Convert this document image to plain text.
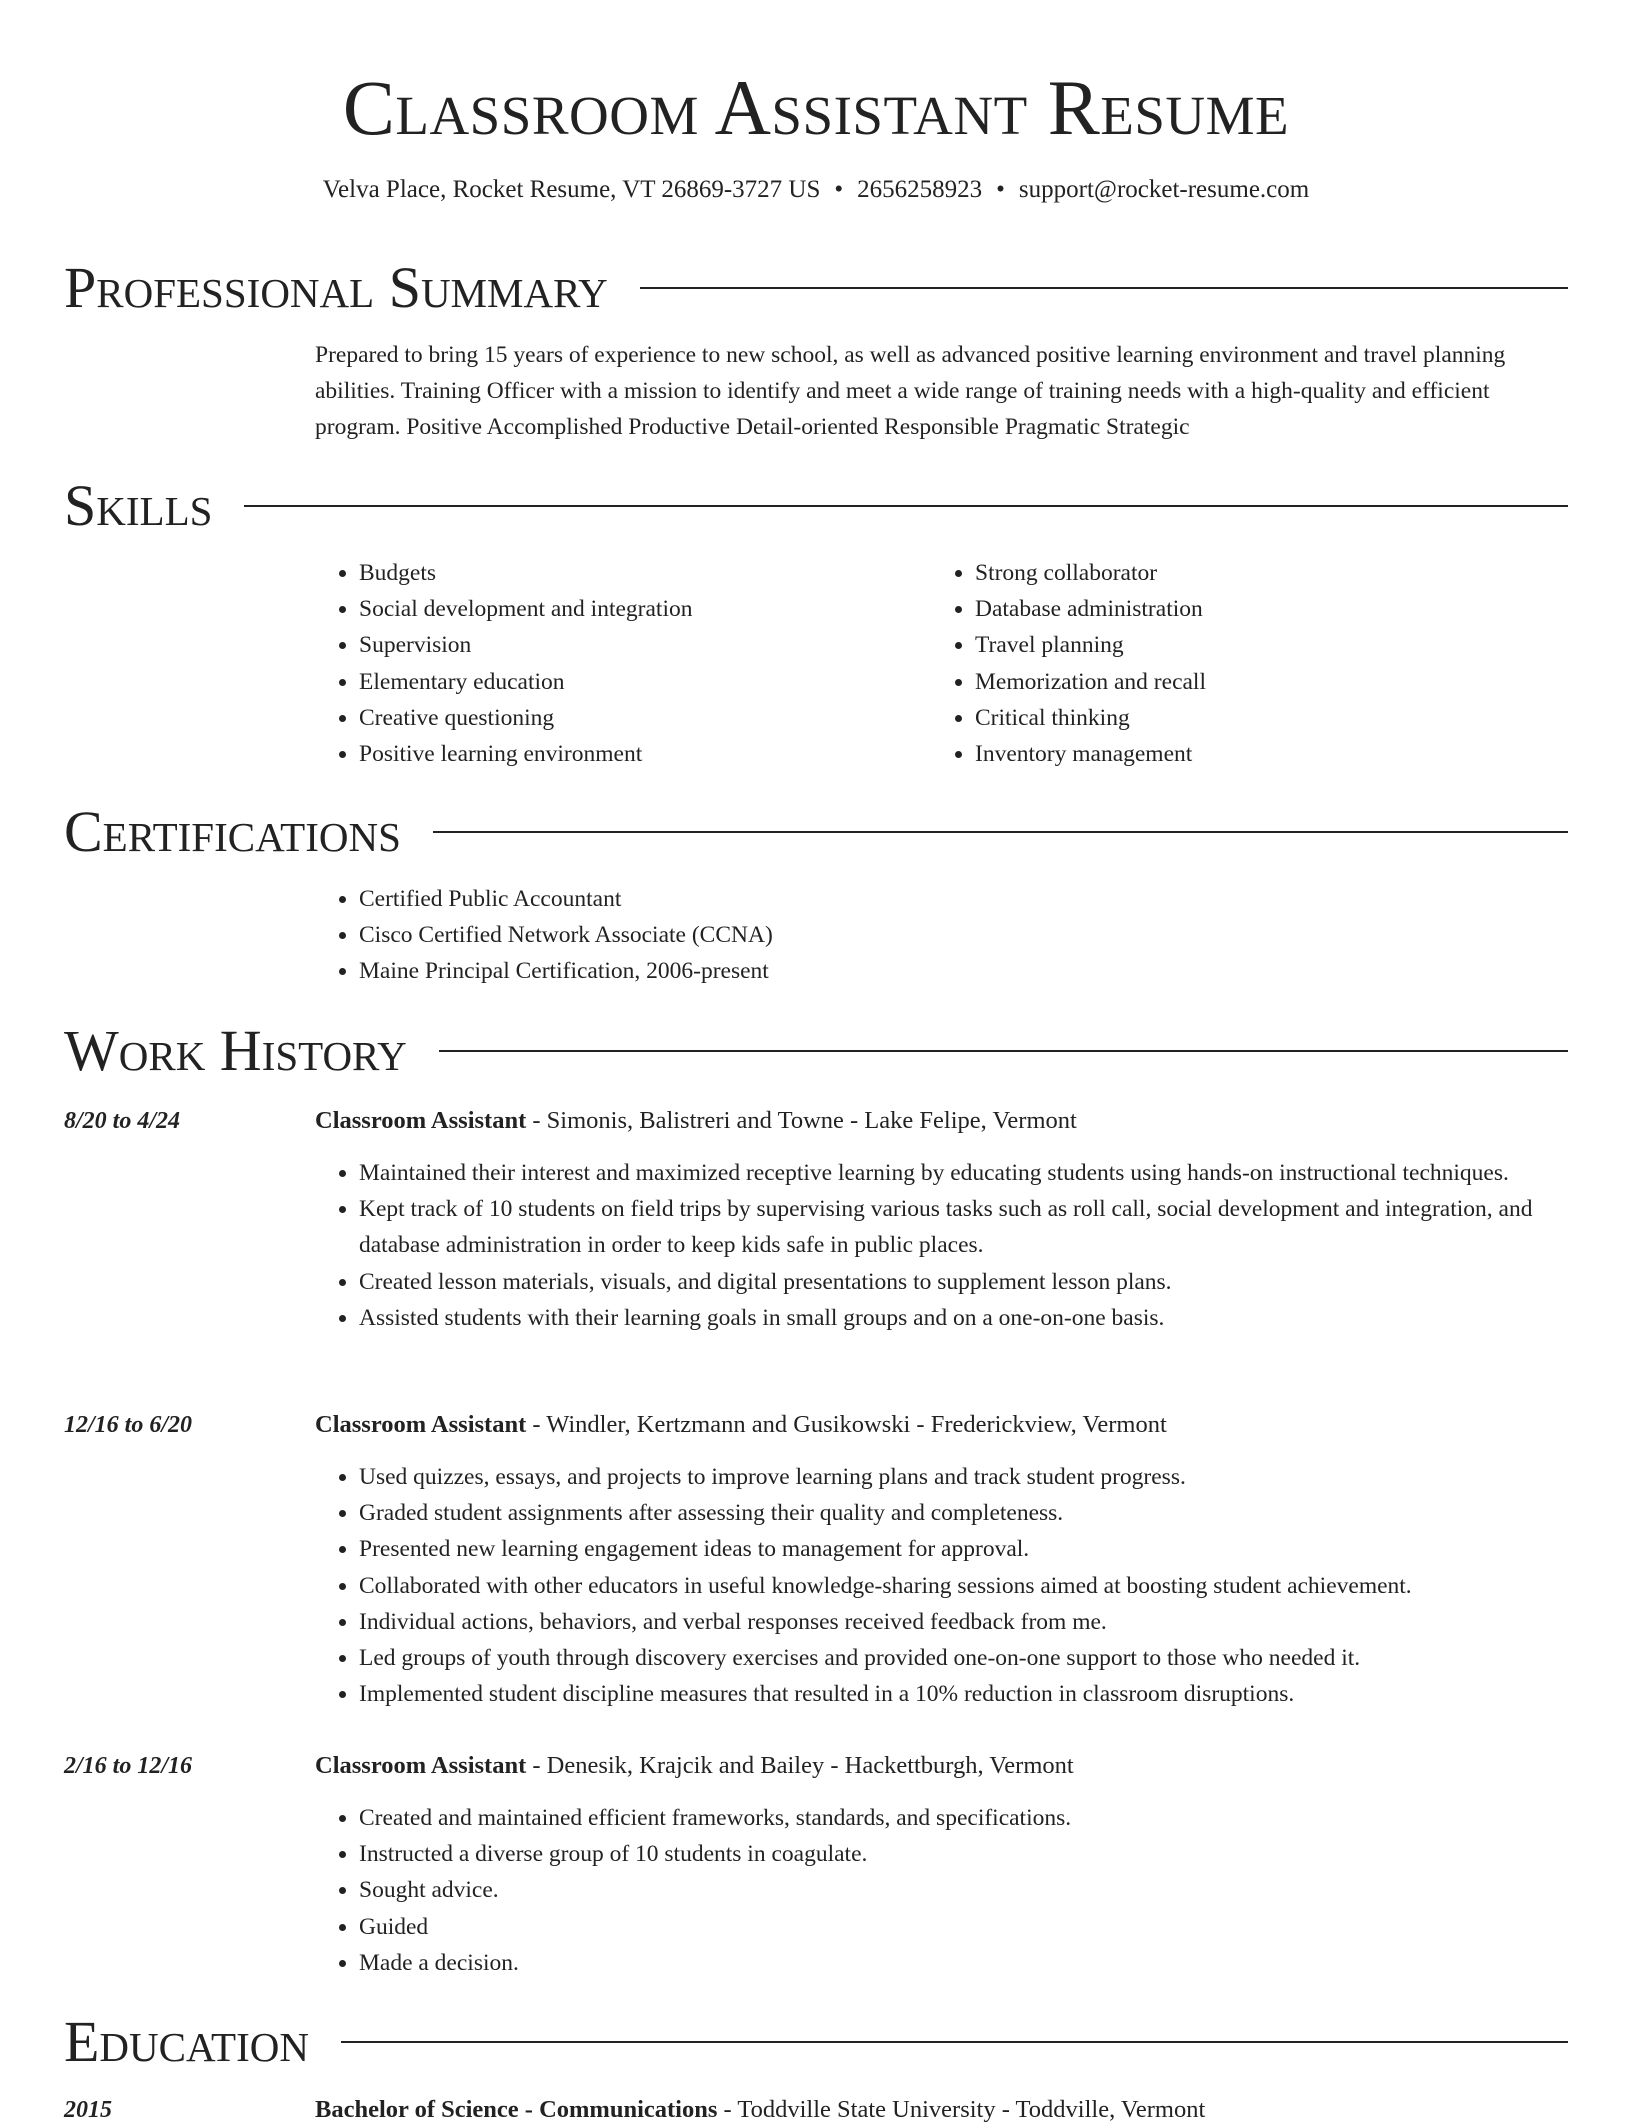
Classroom Assistant Resume
Velva Place, Rocket Resume, VT 26869-3727 US • 2656258923 • support@rocket-resume.com
Professional Summary

Prepared to bring 15 years of experience to new school, as well as advanced positive learning environment and travel planning abilities. Training Officer with a mission to identify and meet a wide range of training needs with a high-quality and efficient program. Positive Accomplished Productive Detail-oriented Responsible Pragmatic Strategic

Skills
• Budgets
• Social development and integration
• Supervision
• Elementary education
• Creative questioning
• Positive learning environment
• Strong collaborator
• Database administration
• Travel planning
• Memorization and recall
• Critical thinking
• Inventory management
Certifications
• Certified Public Accountant
• Cisco Certified Network Associate (CCNA)
• Maine Principal Certification, 2006-present
Work History
8/20 to 4/24	Classroom Assistant - Simonis, Balistreri and Towne - Lake Felipe, Vermont
• Maintained their interest and maximized receptive learning by educating students using hands-on instructional techniques.
• Kept track of 10 students on field trips by supervising various tasks such as roll call, social development and integration, and database administration in order to keep kids safe in public places.
• Created lesson materials, visuals, and digital presentations to supplement lesson plans.
• Assisted students with their learning goals in small groups and on a one-on-one basis.
12/16 to 6/20	Classroom Assistant - Windler, Kertzmann and Gusikowski - Frederickview, Vermont
• Used quizzes, essays, and projects to improve learning plans and track student progress.
• Graded student assignments after assessing their quality and completeness.
• Presented new learning engagement ideas to management for approval.
• Collaborated with other educators in useful knowledge-sharing sessions aimed at boosting student achievement.
• Individual actions, behaviors, and verbal responses received feedback from me.
• Led groups of youth through discovery exercises and provided one-on-one support to those who needed it.
• Implemented student discipline measures that resulted in a 10% reduction in classroom disruptions.
2/16 to 12/16	Classroom Assistant - Denesik, Krajcik and Bailey - Hackettburgh, Vermont
• Created and maintained efficient frameworks, standards, and specifications.
• Instructed a diverse group of 10 students in coagulate.
• Sought advice.
• Guided
• Made a decision.
Education
2015	Bachelor of Science - Communications - Toddville State University - Toddville, Vermont
